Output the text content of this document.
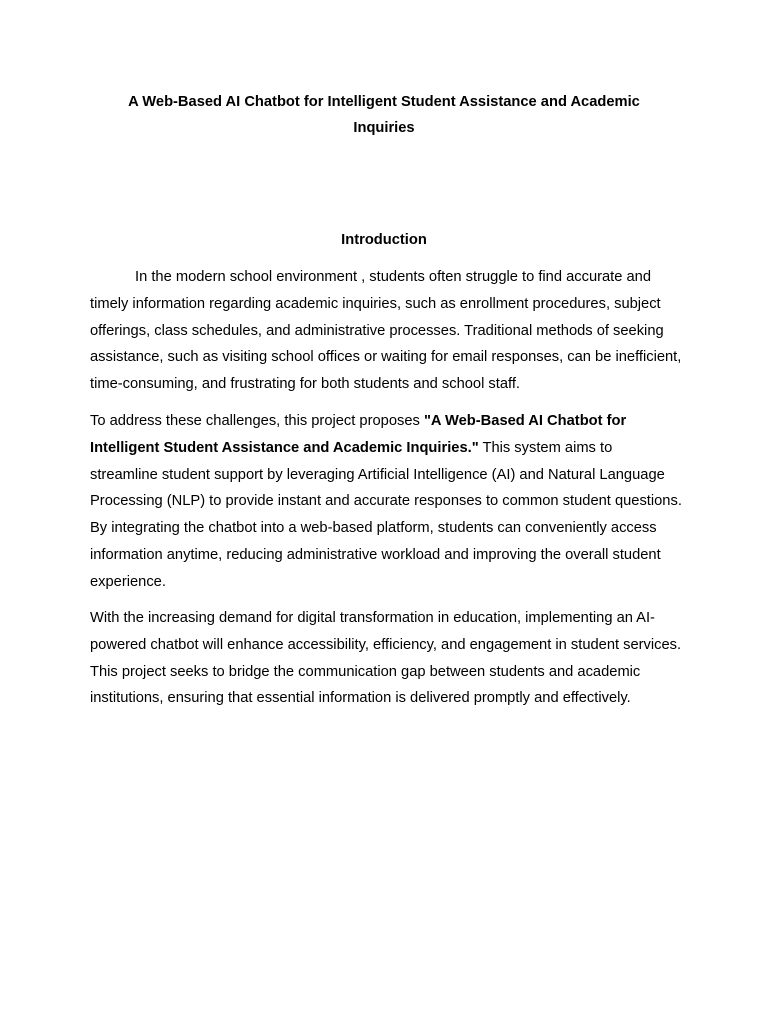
A Web-Based AI Chatbot for Intelligent Student Assistance and Academic Inquiries
Introduction

In the modern school environment , students often struggle to find accurate and timely information regarding academic inquiries, such as enrollment procedures, subject offerings, class schedules, and administrative processes. Traditional methods of seeking assistance, such as visiting school offices or waiting for email responses, can be inefficient, time-consuming, and frustrating for both students and school staff.

To address these challenges, this project proposes "A Web-Based AI Chatbot for Intelligent Student Assistance and Academic Inquiries." This system aims to streamline student support by leveraging Artificial Intelligence (AI) and Natural Language Processing (NLP) to provide instant and accurate responses to common student questions. By integrating the chatbot into a web-based platform, students can conveniently access information anytime, reducing administrative workload and improving the overall student experience.

With the increasing demand for digital transformation in education, implementing an AI-powered chatbot will enhance accessibility, efficiency, and engagement in student services. This project seeks to bridge the communication gap between students and academic institutions, ensuring that essential information is delivered promptly and effectively.
